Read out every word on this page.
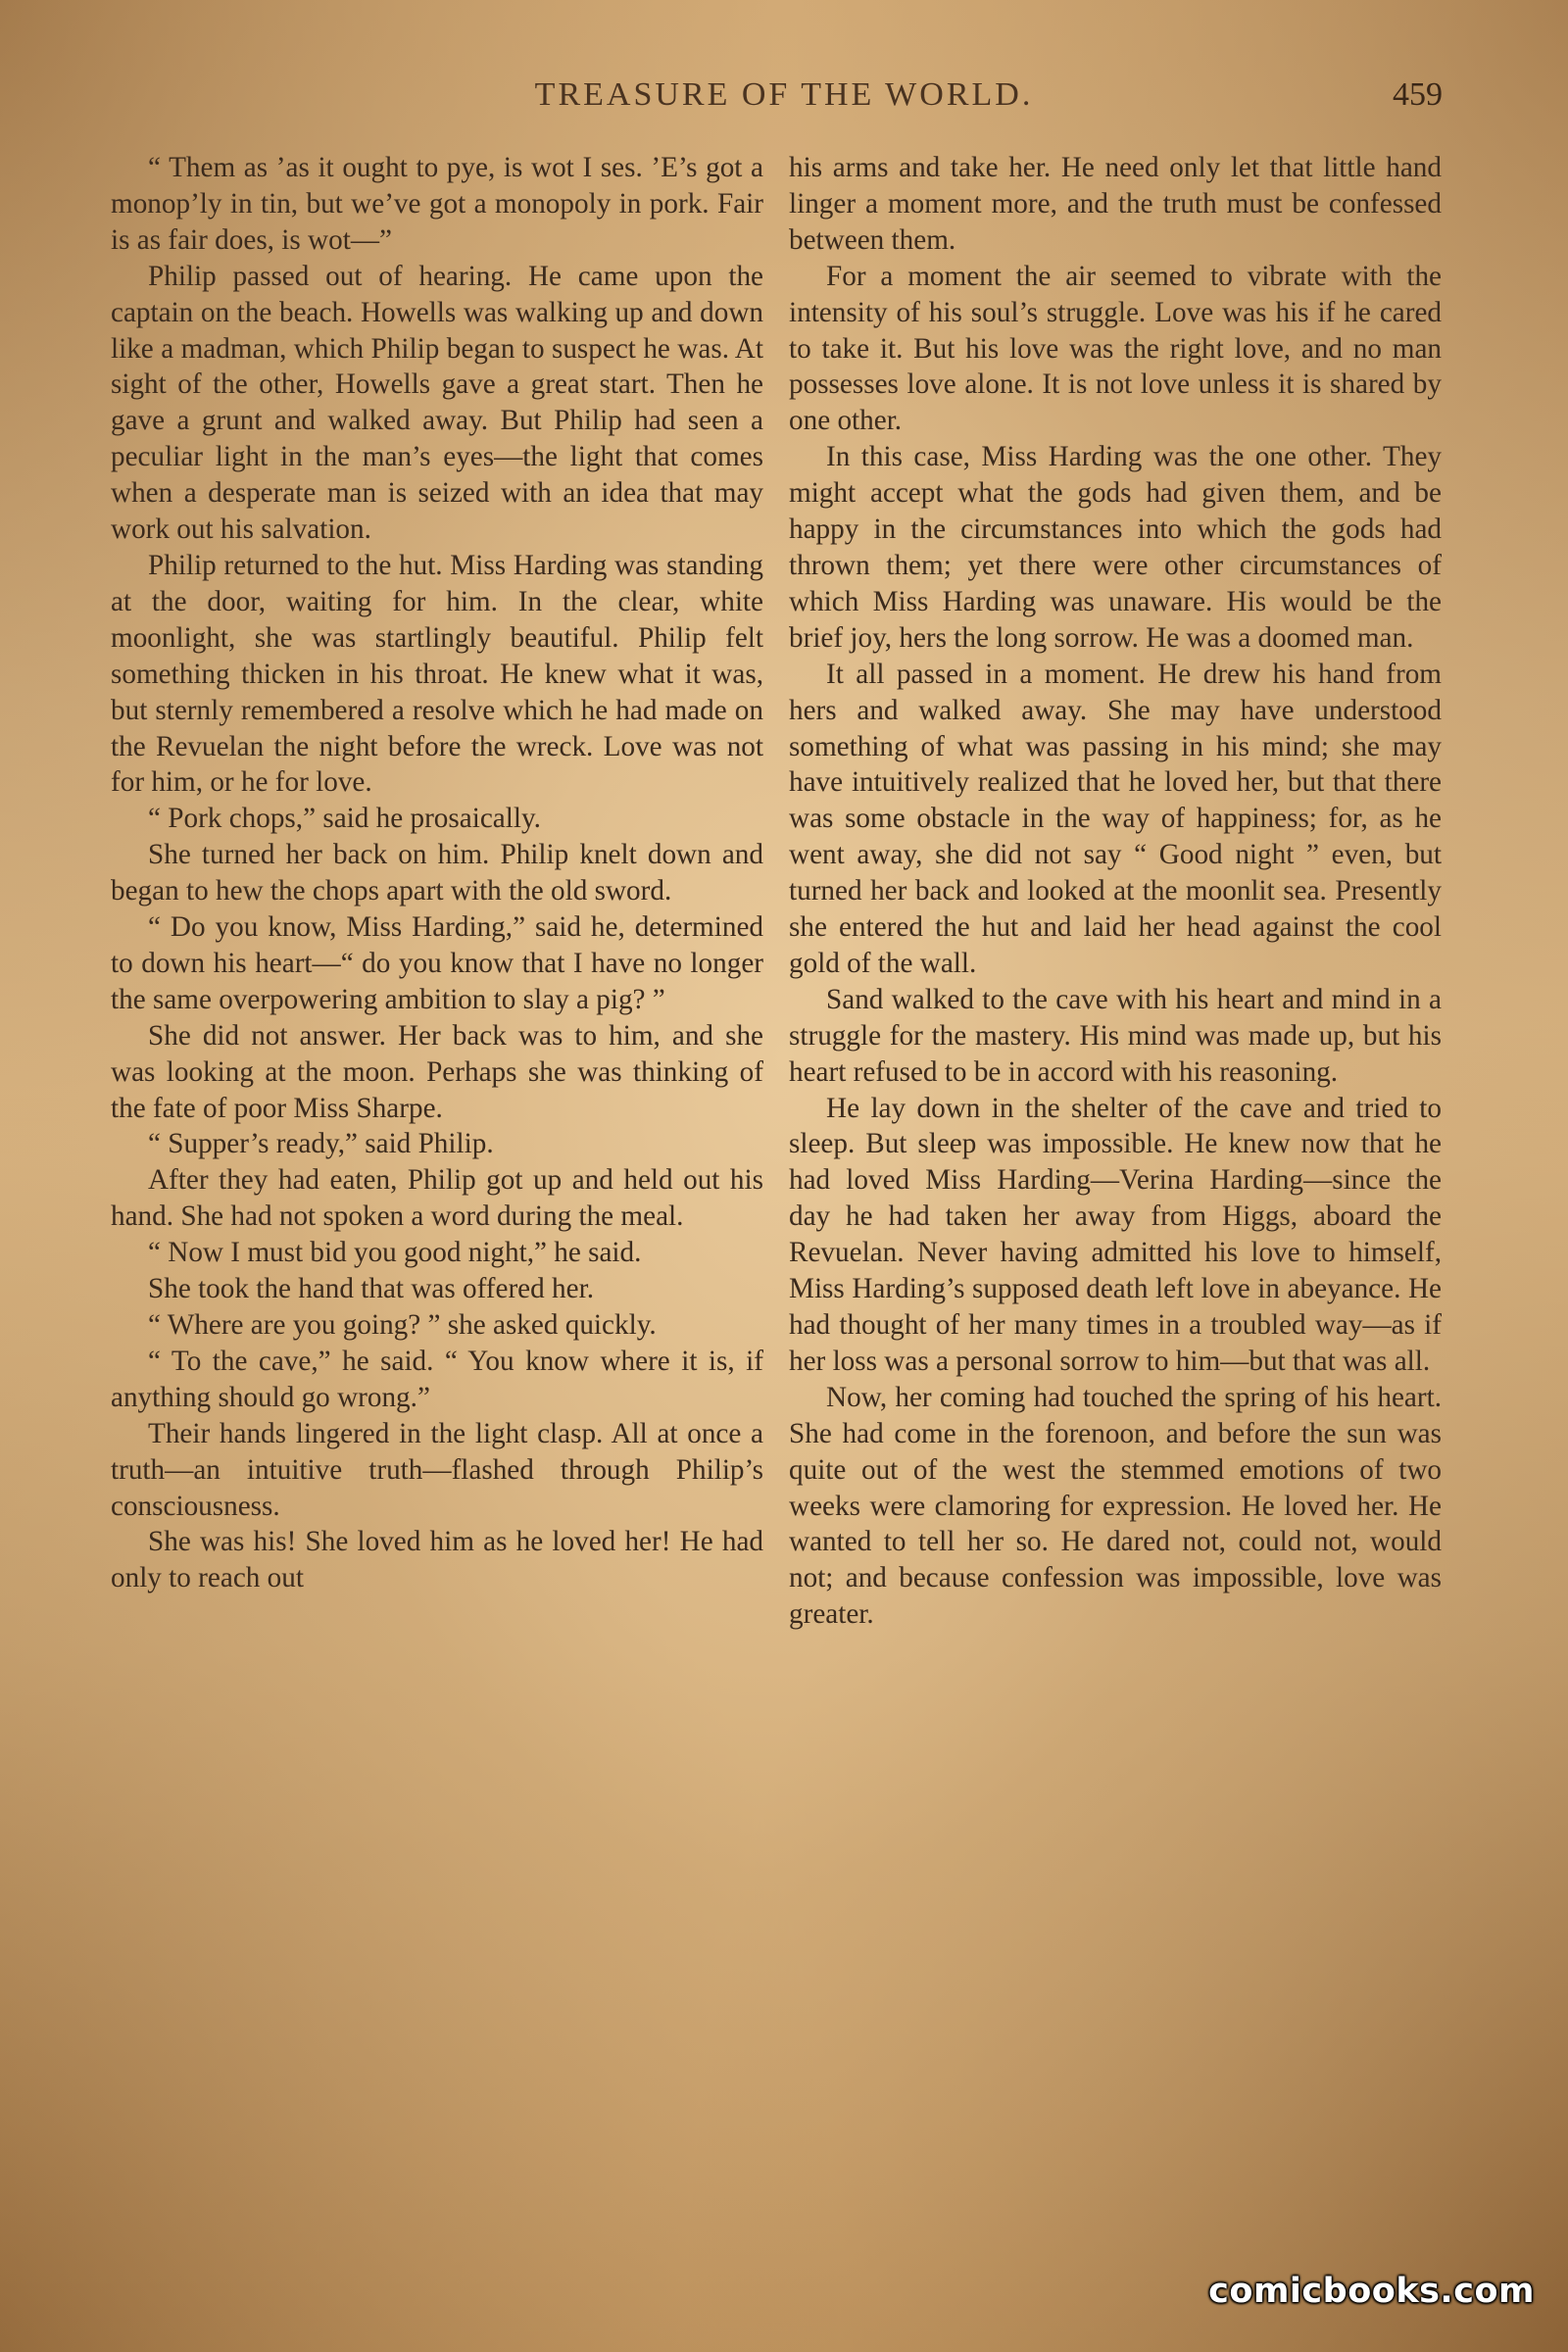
TREASURE OF THE WORLD.	459

“ Them as ’as it ought to pye, is wot I ses. ’E’s got a monop’ly in tin, but we’ve got a monopoly in pork. Fair is as fair does, is wot—”

Philip passed out of hearing. He came upon the captain on the beach. Howells was walking up and down like a madman, which Philip began to suspect he was. At sight of the other, Howells gave a great start. Then he gave a grunt and walked away. But Philip had seen a peculiar light in the man’s eyes—the light that comes when a desperate man is seized with an idea that may work out his salvation.

Philip returned to the hut. Miss Harding was standing at the door, waiting for him. In the clear, white moonlight, she was startlingly beautiful. Philip felt something thicken in his throat. He knew what it was, but sternly remembered a resolve which he had made on the Revuelan the night before the wreck. Love was not for him, or he for love.

“ Pork chops,” said he prosaically.

She turned her back on him. Philip knelt down and began to hew the chops apart with the old sword.

“ Do you know, Miss Harding,” said he, determined to down his heart—“ do you know that I have no longer the same overpowering ambition to slay a pig? ”

She did not answer. Her back was to him, and she was looking at the moon. Perhaps she was thinking of the fate of poor Miss Sharpe.

“ Supper’s ready,” said Philip.

After they had eaten, Philip got up and held out his hand. She had not spoken a word during the meal.

“ Now I must bid you good night,” he said.

She took the hand that was offered her.

“ Where are you going? ” she asked quickly.

“ To the cave,” he said. “ You know where it is, if anything should go wrong.”

Their hands lingered in the light clasp. All at once a truth—an intuitive truth—flashed through Philip’s consciousness.

She was his! She loved him as he loved her! He had only to reach out

his arms and take her. He need only let that little hand linger a moment more, and the truth must be confessed between them.

For a moment the air seemed to vibrate with the intensity of his soul’s struggle. Love was his if he cared to take it. But his love was the right love, and no man possesses love alone. It is not love unless it is shared by one other.

In this case, Miss Harding was the one other. They might accept what the gods had given them, and be happy in the circumstances into which the gods had thrown them; yet there were other circumstances of which Miss Harding was unaware. His would be the brief joy, hers the long sorrow. He was a doomed man.

It all passed in a moment. He drew his hand from hers and walked away. She may have understood something of what was passing in his mind; she may have intuitively realized that he loved her, but that there was some obstacle in the way of happiness; for, as he went away, she did not say “ Good night ” even, but turned her back and looked at the moonlit sea. Presently she entered the hut and laid her head against the cool gold of the wall.

Sand walked to the cave with his heart and mind in a struggle for the mastery. His mind was made up, but his heart refused to be in accord with his reasoning.

He lay down in the shelter of the cave and tried to sleep. But sleep was impossible. He knew now that he had loved Miss Harding—Verina Harding—since the day he had taken her away from Higgs, aboard the Revuelan. Never having admitted his love to himself, Miss Harding’s supposed death left love in abeyance. He had thought of her many times in a troubled way—as if her loss was a personal sorrow to him—but that was all.

Now, her coming had touched the spring of his heart. She had come in the forenoon, and before the sun was quite out of the west the stemmed emotions of two weeks were clamoring for expression. He loved her. He wanted to tell her so. He dared not, could not, would not; and because confession was impossible, love was greater.

comicbooks.com
